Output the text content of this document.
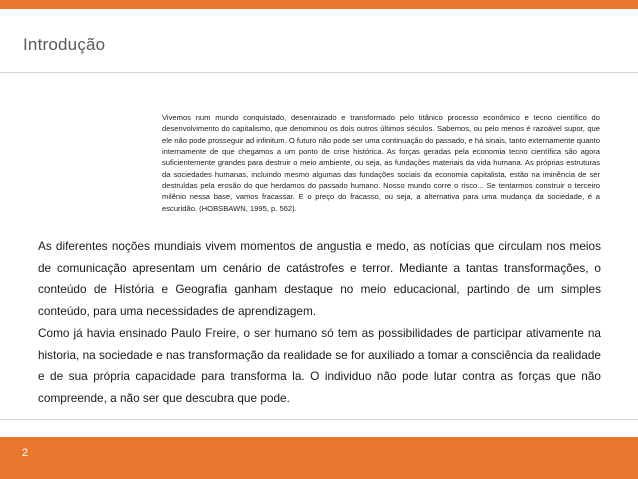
Introdução
Vivemos num mundo conquistado, desenraizado e transformado pelo titânico processo econômico e tecno científico do desenvolvimento do capitalismo, que denominou os dois outros últimos séculos. Sabemos, ou pelo menos é razoável supor, que ele não pode prosseguir ad infinitum. O futuro não pode ser uma continuação do passado, e há sinais, tanto externamente quanto internamente de que chegamos a um ponto de crise histórica. As forças geradas pela economia tecno científica são agora suficientemente grandes para destruir o meio ambiente, ou seja, as fundações materiais da vida humana. As próprias estruturas da sociedades humanas, incluindo mesmo algumas das fundações sociais da economia capitalista, estão na iminência de ser destruídas pela erosão do que herdamos do passado humano. Nosso mundo corre o risco... Se tentarmos construir o terceiro milênio nessa base, vamos fracassar. E o preço do fracasso, ou seja, a alternativa para uma mudança da sociedade, é a escuridão. (HOBSBAWN, 1995, p. 562).

As diferentes noções mundiais vivem momentos de angustia e medo, as notícias que circulam nos meios de comunicação apresentam um cenário de catástrofes e terror. Mediante a tantas transformações, o conteúdo de História e Geografia ganham destaque no meio educacional, partindo de um simples conteúdo, para uma necessidades de aprendizagem.

Como já havia ensinado Paulo Freire, o ser humano só tem as possibilidades de participar ativamente na historia, na sociedade e nas transformação da realidade se for auxiliado a tomar a consciência da realidade e de sua própria capacidade para transforma la. O individuo não pode lutar contra as forças que não compreende, a não ser que descubra que pode.

2
